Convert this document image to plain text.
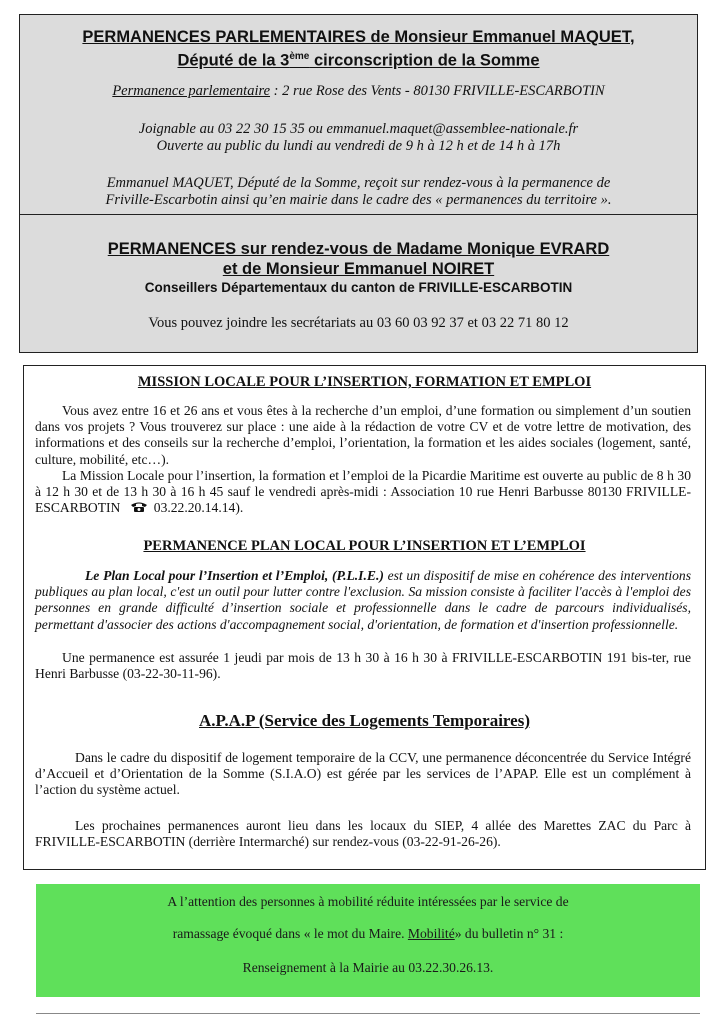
PERMANENCES PARLEMENTAIRES de Monsieur Emmanuel MAQUET,
Député de la 3ème circonscription de la Somme
Permanence parlementaire : 2 rue Rose des Vents - 80130 FRIVILLE-ESCARBOTIN
Joignable au 03 22 30 15 35 ou emmanuel.maquet@assemblee-nationale.fr
Ouverte au public du lundi au vendredi de 9 h à 12 h et de 14 h à 17h
Emmanuel MAQUET, Député de la Somme, reçoit sur rendez-vous à la permanence de
Friville-Escarbotin ainsi qu’en mairie dans le cadre des « permanences du territoire ».
PERMANENCES sur rendez-vous de Madame Monique EVRARD
et de Monsieur Emmanuel NOIRET
Conseillers Départementaux du canton de FRIVILLE-ESCARBOTIN
Vous pouvez joindre les secrétariats au 03 60 03 92 37 et 03 22 71 80 12
MISSION LOCALE POUR L’INSERTION, FORMATION ET EMPLOI
Vous avez entre 16 et 26 ans et vous êtes à la recherche d’un emploi, d’une formation ou simplement d’un soutien dans vos projets ? Vous trouverez sur place : une aide à la rédaction de votre CV et de votre lettre de motivation, des informations et des conseils sur la recherche d’emploi, l’orientation, la formation et les aides sociales (logement, santé, culture, mobilité, etc…).
La Mission Locale pour l’insertion, la formation et l’emploi de la Picardie Maritime est ouverte au public de 8 h 30 à 12 h 30 et de 13 h 30 à 16 h 45 sauf le vendredi après-midi : Association 10 rue Henri Barbusse 80130 FRIVILLE-ESCARBOTIN 03.22.20.14.14).
PERMANENCE PLAN LOCAL POUR L’INSERTION ET L’EMPLOI
Le Plan Local pour l’Insertion et l’Emploi, (P.L.I.E.) est un dispositif de mise en cohérence des interventions publiques au plan local, c'est un outil pour lutter contre l'exclusion. Sa mission consiste à faciliter l'accès à l'emploi des personnes en grande difficulté d’insertion sociale et professionnelle dans le cadre de parcours individualisés, permettant d'associer des actions d'accompagnement social, d'orientation, de formation et d'insertion professionnelle.
Une permanence est assurée 1 jeudi par mois de 13 h 30 à 16 h 30 à FRIVILLE-ESCARBOTIN 191 bis-ter, rue Henri Barbusse (03-22-30-11-96).
A.P.A.P (Service des Logements Temporaires)
Dans le cadre du dispositif de logement temporaire de la CCV, une permanence déconcentrée du Service Intégré d’Accueil et d’Orientation de la Somme (S.I.A.O) est gérée par les services de l’APAP. Elle est un complément à l’action du système actuel.
Les prochaines permanences auront lieu dans les locaux du SIEP, 4 allée des Marettes ZAC du Parc à FRIVILLE-ESCARBOTIN (derrière Intermarché) sur rendez-vous (03-22-91-26-26).
A l’attention des personnes à mobilité réduite intéressées par le service de
ramassage évoqué dans « le mot du Maire. Mobilité» du bulletin n° 31 :
Renseignement à la Mairie au 03.22.30.26.13.
